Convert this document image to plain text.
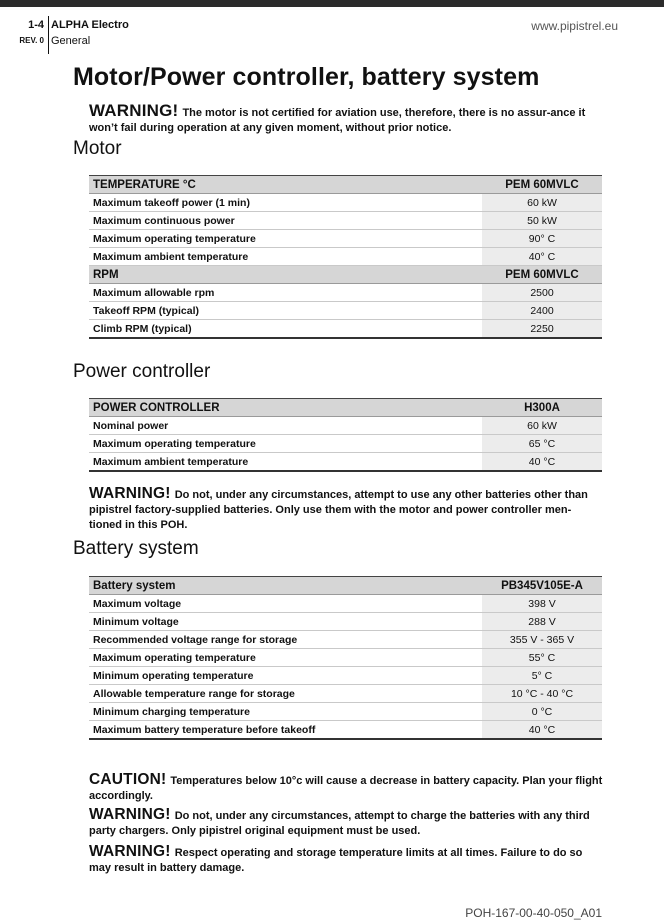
1-4
REV. 0
ALPHA Electro
General
www.pipistrel.eu
Motor/Power controller, battery system
WARNING! The motor is not certified for aviation use, therefore, there is no assur-ance it won’t fail during operation at any given moment, without prior notice.
Motor
TEMPERATURE °C	PEM 60MVLC
Maximum takeoff power (1 min)	60 kW
Maximum continuous power	50 kW
Maximum operating temperature	90° C
Maximum ambient temperature	40° C
RPM	PEM 60MVLC
Maximum allowable rpm	2500
Takeoff RPM (typical)	2400
Climb RPM (typical)	2250
Power controller
POWER CONTROLLER	H300A
Nominal power	60 kW
Maximum operating temperature	65 °C
Maximum ambient temperature	40 °C
WARNING! Do not, under any circumstances, attempt to use any other batteries other than pipistrel factory-supplied batteries. Only use them with the motor and power controller men-tioned in this POH.
Battery system
Battery system	PB345V105E-A
Maximum voltage	398 V
Minimum voltage	288 V
Recommended voltage range for storage	355 V - 365 V
Maximum operating temperature	55° C
Minimum operating temperature	5° C
Allowable temperature range for storage	10 °C - 40 °C
Minimum charging temperature	0 °C
Maximum battery temperature before takeoff	40 °C
CAUTION! Temperatures below 10°c will cause a decrease in battery capacity. Plan your flight accordingly.
WARNING! Do not, under any circumstances, attempt to charge the batteries with any third party chargers. Only pipistrel original equipment must be used.
WARNING! Respect operating and storage temperature limits at all times. Failure to do so may result in battery damage.
POH-167-00-40-050_A01
